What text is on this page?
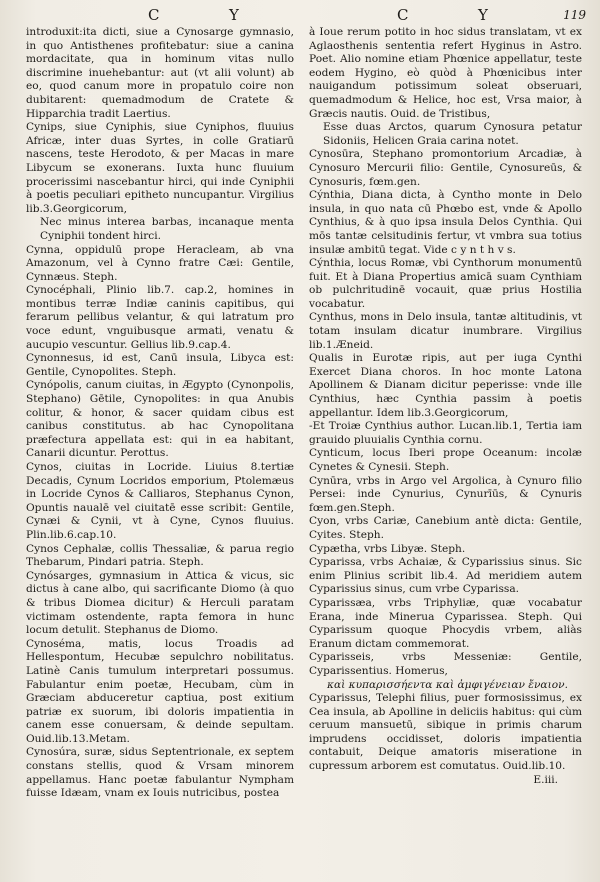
C	Y	C	Y	119

introduxit:ita dicti, siue a Cynosarge gymnasio, in quo Antisthenes profitebatur: siue a canina mordacitate, qua in hominum vitas nullo discrimine inuehebantur: aut (vt alii volunt) ab eo, quod canum more in propatulo coire non dubitarent: quemadmodum de Cratete & Hipparchia tradit Laertius.

Cynips, siue Cyniphis, siue Cyniphos, fluuius Africæ, inter duas Syrtes, in colle Gratiarū nascens, teste Herodoto, & per Macas in mare Libycum se exonerans. Iuxta hunc fluuium procerissimi nascebantur hirci, qui inde Cyniphii à poetis peculiari epitheto nuncupantur. Virgilius lib.3.Georgicorum,

Nec minus interea barbas, incanaque menta Cyniphii tondent hirci.

Cynna, oppidulū prope Heracleam, ab vna Amazonum, vel à Cynno fratre Cæi: Gentile, Cynnæus. Steph.

Cynocéphali, Plinio lib.7. cap.2, homines in montibus terræ Indiæ caninis capitibus, qui ferarum pellibus velantur, & qui latratum pro voce edunt, vnguibusque armati, venatu & aucupio vescuntur. Gellius lib.9.cap.4.

Cynonnesus, id est, Canū insula, Libyca est: Gentile, Cynopolites. Steph.

Cynópolis, canum ciuitas, in Ægypto (Cynonpolis, Stephano) Gētile, Cynopolites: in qua Anubis colitur, & honor, & sacer quidam cibus est canibus constitutus. ab hac Cynopolitana præfectura appellata est: qui in ea habitant, Canarii dicuntur. Perottus.

Cynos, ciuitas in Locride. Liuius 8.tertiæ Decadis, Cynum Locridos emporium, Ptolemæus in Locride Cynos & Calliaros, Stephanus Cynon, Opuntis naualē vel ciuitatē esse scribit: Gentile, Cynæi & Cynii, vt à Cyne, Cynos fluuius. Plin.lib.6.cap.10.

Cynos Cephalæ, collis Thessaliæ, & parua regio Thebarum, Pindari patria. Steph.

Cynósarges, gymnasium in Attica & vicus, sic dictus à cane albo, qui sacrificante Diomo (à quo & tribus Diomea dicitur) & Herculi paratam victimam ostendente, rapta femora in hunc locum detulit. Stephanus de Diomo.

Cynoséma, matis, locus Troadis ad Hellespontum, Hecubæ sepulchro nobilitatus. Latinè Canis tumulum interpretari possumus. Fabulantur enim poetæ, Hecubam, cùm in Græciam abduceretur captiua, post exitium patriæ ex suorum, ibi doloris impatientia in canem esse conuersam, & deinde sepultam. Ouid.lib.13.Metam.

Cynosúra, suræ, sidus Septentrionale, ex septem constans stellis, quod & Vrsam minorem appellamus. Hanc poetæ fabulantur Nympham fuisse Idæam, vnam ex Iouis nutricibus, postea

à Ioue rerum potito in hoc sidus translatam, vt ex Aglaosthenis sententia refert Hyginus in Astro. Poet. Alio nomine etiam Phœnice appellatur, teste eodem Hygino, eò quòd à Phœnicibus inter nauigandum potissimum soleat obseruari, quemadmodum & Helice, hoc est, Vrsa maior, à Græcis nautis. Ouid. de Tristibus,

Esse duas Arctos, quarum Cynosura petatur Sidoniis, Helicen Graia carina notet.

Cynosūra, Stephano promontorium Arcadiæ, à Cynosuro Mercurii filio: Gentile, Cynosureūs, & Cynosuris, fœm.gen.

Cýnthia, Diana dicta, à Cyntho monte in Delo insula, in quo nata cū Phœbo est, vnde & Apollo Cynthius, & à quo ipsa insula Delos Cynthia. Qui mōs tantæ celsitudinis fertur, vt vmbra sua totius insulæ ambitū tegat. Vide c y n t h v s.

Cýnthia, locus Romæ, vbi Cynthorum monumentū fuit. Et à Diana Propertius amicā suam Cynthiam ob pulchritudinē vocauit, quæ prius Hostilia vocabatur.

Cynthus, mons in Delo insula, tantæ altitudinis, vt totam insulam dicatur inumbrare. Virgilius lib.1.Æneid.

Qualis in Eurotæ ripis, aut per iuga Cynthi Exercet Diana choros. In hoc monte Latona Apollinem & Dianam dicitur peperisse: vnde ille Cynthius, hæc Cynthia passim à poetis appellantur. Idem lib.3.Georgicorum,

-Et Troiæ Cynthius author. Lucan.lib.1, Tertia iam grauido pluuialis Cynthia cornu.

Cynticum, locus Iberi prope Oceanum: incolæ Cynetes & Cynesii. Steph.

Cynūra, vrbs in Argo vel Argolica, à Cynuro filio Persei: inde Cynurius, Cynurīūs, & Cynuris fœm.gen.Steph.

Cyon, vrbs Cariæ, Canebium antè dicta: Gentile, Cyites. Steph.

Cypætha, vrbs Libyæ. Steph.

Cyparissa, vrbs Achaiæ, & Cyparissius sinus. Sic enim Plinius scribit lib.4. Ad meridiem autem Cyparissius sinus, cum vrbe Cyparissa.

Cyparissæa, vrbs Triphyliæ, quæ vocabatur Erana, inde Minerua Cyparissea. Steph. Qui Cyparissum quoque Phocydis vrbem, aliàs Eranum dictam commemorat.

Cyparisseis, vrbs Messeniæ: Gentile, Cyparissentius. Homerus,

καὶ κυπαρισσήεντα καὶ ἀμφιγένειαν ἔναιον.

Cyparissus, Telephi filius, puer formosissimus, ex Cea insula, ab Apolline in deliciis habitus: qui cùm ceruum mansuetū, sibique in primis charum imprudens occidisset, doloris impatientia contabuit, Deique amatoris miseratione in cupressum arborem est comutatus. Ouid.lib.10.

E.iii.
